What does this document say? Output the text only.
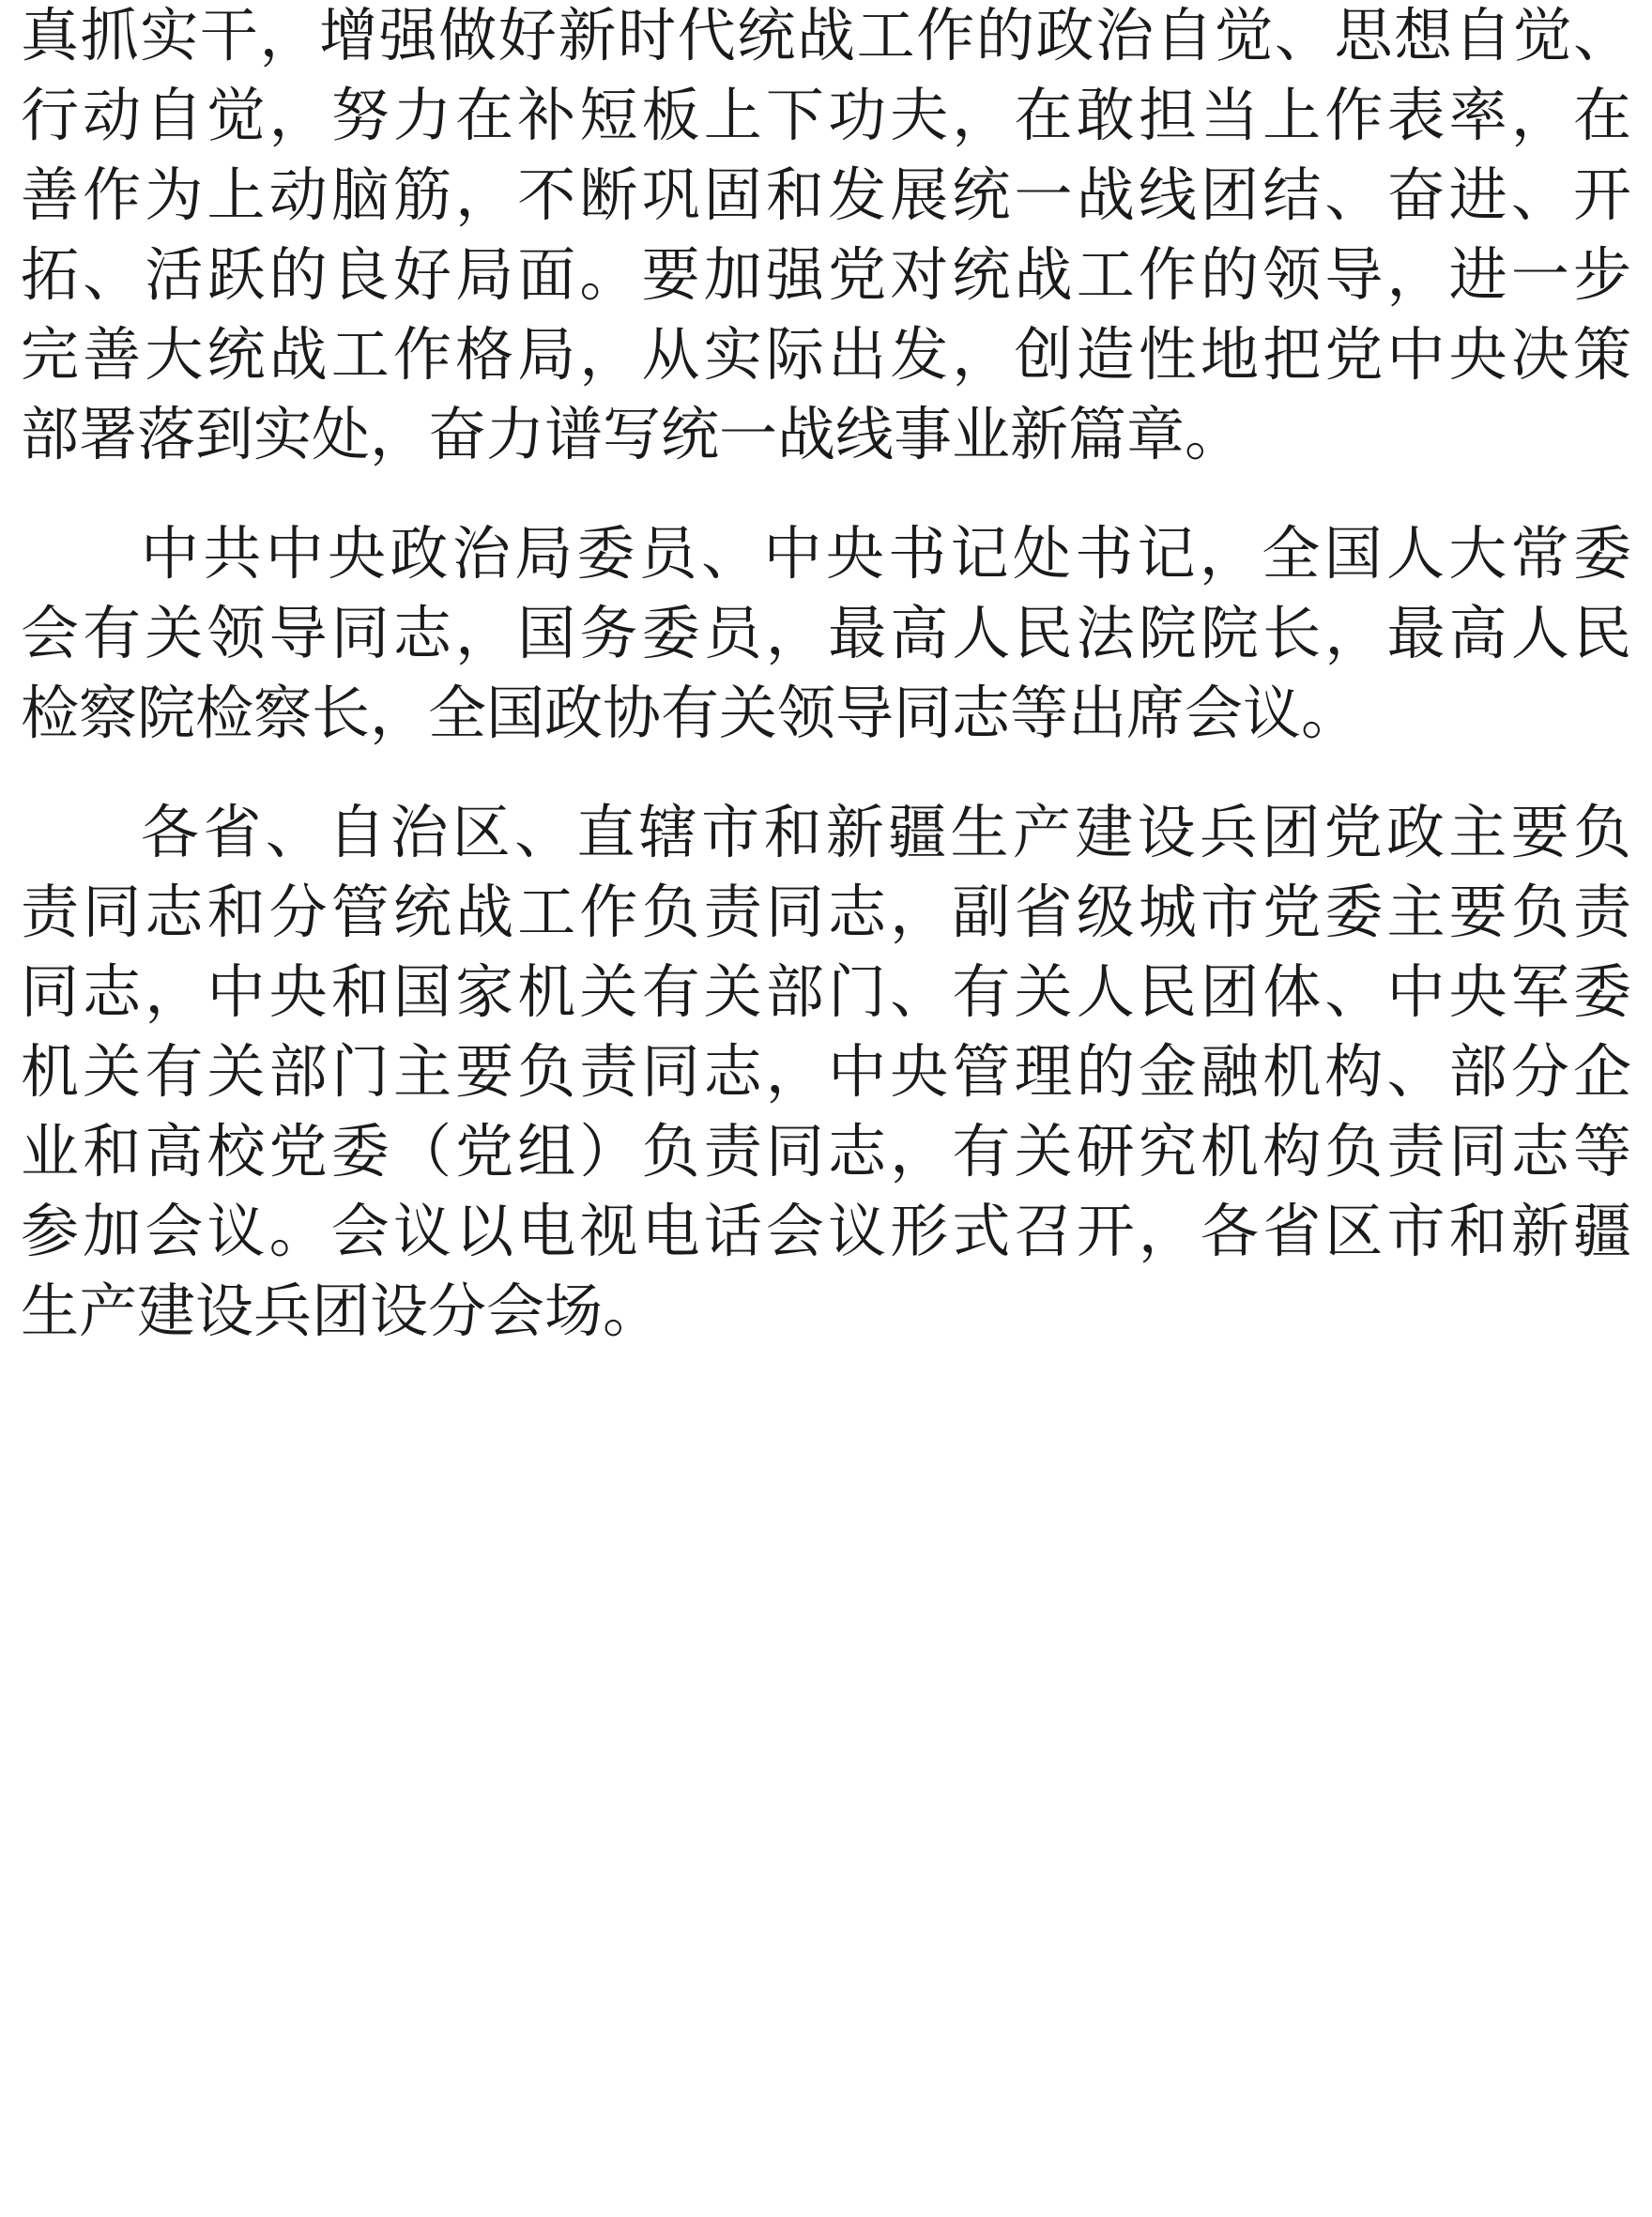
真抓实干，增强做好新时代统战工作的政治自觉、思想自觉、
行动自觉，努力在补短板上下功夫，在敢担当上作表率，在
善作为上动脑筋，不断巩固和发展统一战线团结、奋进、开
拓、活跃的良好局面。要加强党对统战工作的领导，进一步
完善大统战工作格局，从实际出发，创造性地把党中央决策
部署落到实处，奋力谱写统一战线事业新篇章。
中共中央政治局委员、中央书记处书记，全国人大常委
会有关领导同志，国务委员，最高人民法院院长，最高人民
检察院检察长，全国政协有关领导同志等出席会议。
各省、自治区、直辖市和新疆生产建设兵团党政主要负
责同志和分管统战工作负责同志，副省级城市党委主要负责
同志，中央和国家机关有关部门、有关人民团体、中央军委
机关有关部门主要负责同志，中央管理的金融机构、部分企
业和高校党委（党组）负责同志，有关研究机构负责同志等
参加会议。会议以电视电话会议形式召开，各省区市和新疆
生产建设兵团设分会场。
